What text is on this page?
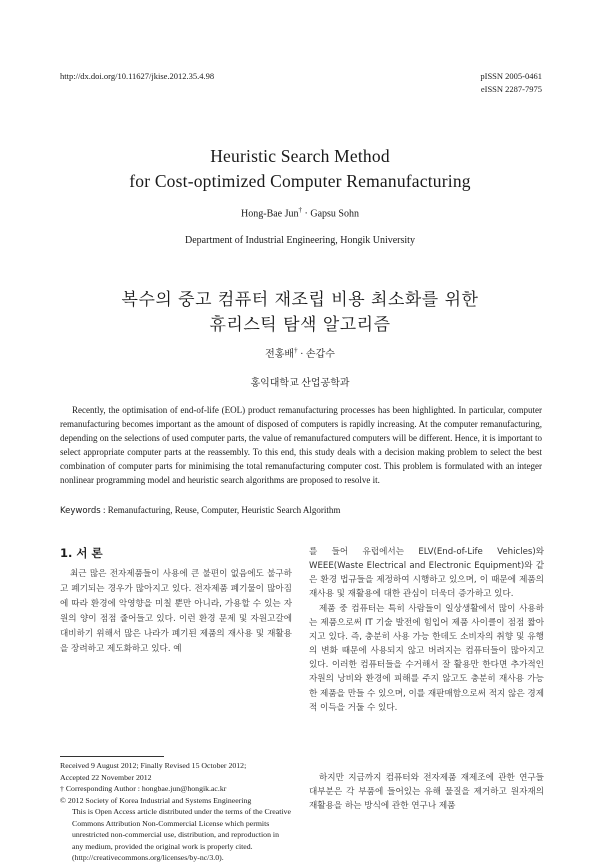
http://dx.doi.org/10.11627/jkise.2012.35.4.98	pISSN 2005-0461
eISSN 2287-7975
Heuristic Search Method
for Cost-optimized Computer Remanufacturing
Hong-Bae Jun† · Gapsu Sohn
Department of Industrial Engineering, Hongik University
복수의 중고 컴퓨터 재조립 비용 최소화를 위한
휴리스틱 탐색 알고리즘
전홍배† · 손갑수
홍익대학교 산업공학과

Recently, the optimisation of end-of-life (EOL) product remanufacturing processes has been highlighted. In particular, computer remanufacturing becomes important as the amount of disposed of computers is rapidly increasing. At the computer remanufacturing, depending on the selections of used computer parts, the value of remanufactured computers will be different. Hence, it is important to select appropriate computer parts at the reassembly. To this end, this study deals with a decision making problem to select the best combination of computer parts for minimising the total remanufacturing computer cost. This problem is formulated with an integer nonlinear programming model and heuristic search algorithms are proposed to resolve it.

Keywords : Remanufacturing, Reuse, Computer, Heuristic Search Algorithm
1. 서 론

최근 많은 전자제품들이 사용에 큰 불편이 없음에도 불구하고 폐기되는 경우가 많아지고 있다. 전자제품 폐기물이 많아짐에 따라 환경에 악영향을 미칠 뿐만 아니라, 가용할 수 있는 자원의 양이 점점 줄어들고 있다. 이런 환경 문제 및 자원고갈에 대비하기 위해서 많은 나라가 폐기된 제품의 재사용 및 재활용을 장려하고 제도화하고 있다. 예

Received 9 August 2012; Finally Revised 15 October 2012;
Accepted 22 November 2012
† Corresponding Author : hongbae.jun@hongik.ac.kr
© 2012 Society of Korea Industrial and Systems Engineering
This is Open Access article distributed under the terms of the Creative Commons Attribution Non-Commercial License which permits unrestricted non-commercial use, distribution, and reproduction in any medium, provided the original work is properly cited. (http://creativecommons.org/licenses/by-nc/3.0).

를 들어 유럽에서는 ELV(End-of-Life Vehicles)와 WEEE(Waste Electrical and Electronic Equipment)와 같은 환경 법규들을 제정하여 시행하고 있으며, 이 때문에 제품의 재사용 및 재활용에 대한 관심이 더욱더 증가하고 있다.

제품 중 컴퓨터는 특히 사람들이 일상생활에서 많이 사용하는 제품으로써 IT 기술 발전에 힘입어 제품 사이클이 점점 짧아지고 있다. 즉, 충분히 사용 가능 한데도 소비자의 취향 및 유행의 변화 때문에 사용되지 않고 버려지는 컴퓨터들이 많아지고 있다. 이러한 컴퓨터들을 수거해서 잘 활용만 한다면 추가적인 자원의 낭비와 환경에 피해를 주지 않고도 충분히 재사용 가능한 제품을 만들 수 있으며, 이를 재판매함으로써 적지 않은 경제적 이득을 거둘 수 있다.

하지만 지금까지 컴퓨터와 전자제품 재제조에 관한 연구들 대부분은 각 부품에 들어있는 유해 물질을 제거하고 원자재의 재활용을 하는 방식에 관한 연구나 제품
